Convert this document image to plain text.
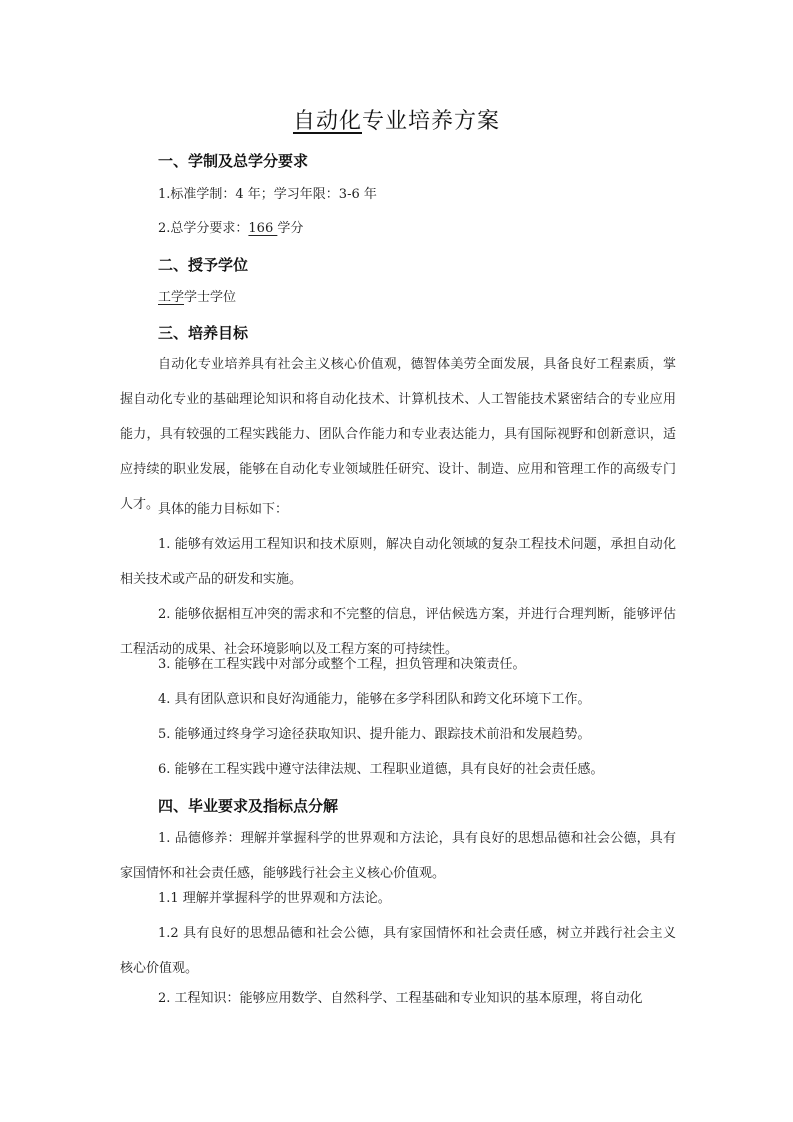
自动化专业培养方案
一、学制及总学分要求
1.标准学制：4 年；学习年限：3-6 年
2.总学分要求：166 学分
二、授予学位
工学学士学位
三、培养目标

自动化专业培养具有社会主义核心价值观，德智体美劳全面发展，具备良好工程素质，掌握自动化专业的基础理论知识和将自动化技术、计算机技术、人工智能技术紧密结合的专业应用能力，具有较强的工程实践能力、团队合作能力和专业表达能力，具有国际视野和创新意识，适应持续的职业发展，能够在自动化专业领域胜任研究、设计、制造、应用和管理工作的高级专门人才。

具体的能力目标如下：

1. 能够有效运用工程知识和技术原则，解决自动化领域的复杂工程技术问题，承担自动化相关技术或产品的研发和实施。

2. 能够依据相互冲突的需求和不完整的信息，评估候选方案，并进行合理判断，能够评估工程活动的成果、社会环境影响以及工程方案的可持续性。

3. 能够在工程实践中对部分或整个工程，担负管理和决策责任。

4. 具有团队意识和良好沟通能力，能够在多学科团队和跨文化环境下工作。

5. 能够通过终身学习途径获取知识、提升能力、跟踪技术前沿和发展趋势。

6. 能够在工程实践中遵守法律法规、工程职业道德，具有良好的社会责任感。

四、毕业要求及指标点分解

1. 品德修养：理解并掌握科学的世界观和方法论，具有良好的思想品德和社会公德，具有家国情怀和社会责任感，能够践行社会主义核心价值观。

1.1 理解并掌握科学的世界观和方法论。

1.2 具有良好的思想品德和社会公德，具有家国情怀和社会责任感，树立并践行社会主义核心价值观。

2. 工程知识：能够应用数学、自然科学、工程基础和专业知识的基本原理，将自动化
